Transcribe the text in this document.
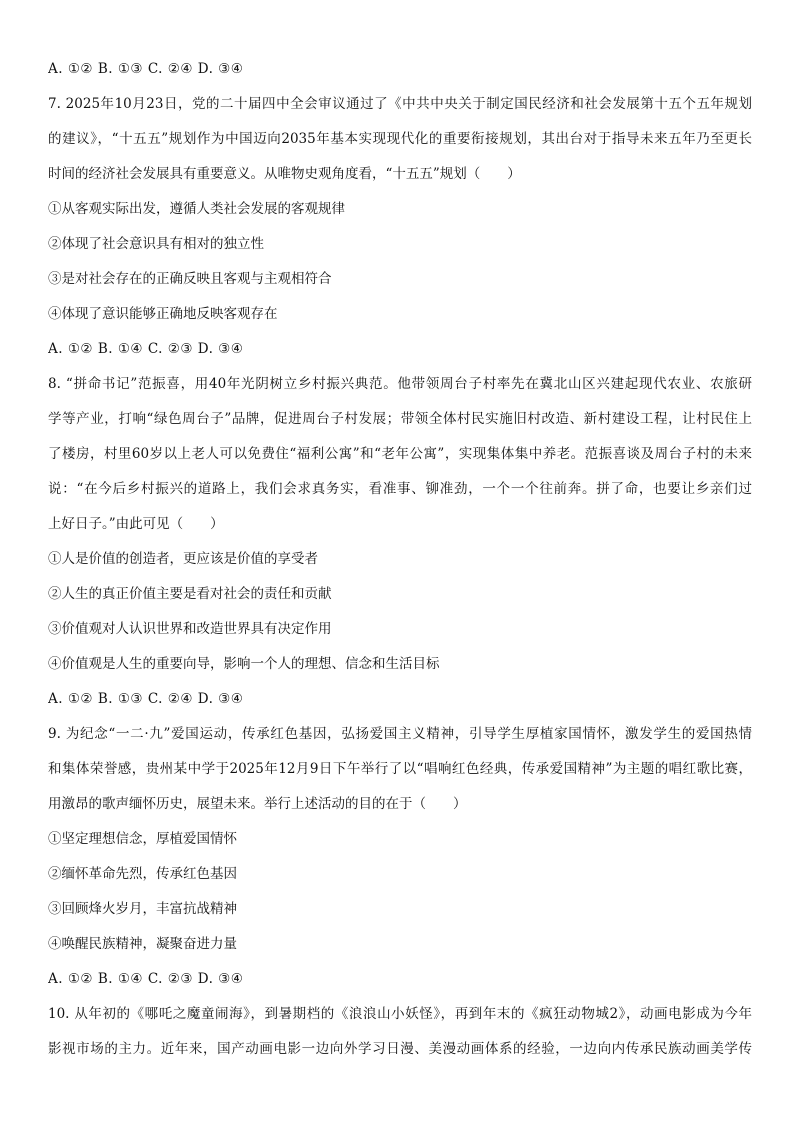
A. ①② B. ①③ C. ②④ D. ③④
7. 2025年10月23日，党的二十届四中全会审议通过了《中共中央关于制定国民经济和社会发展第十五个五年规划
的建议》，“十五五”规划作为中国迈向2035年基本实现现代化的重要衔接规划，其出台对于指导未来五年乃至更长
时间的经济社会发展具有重要意义。从唯物史观角度看，“十五五”规划（　　）
①从客观实际出发，遵循人类社会发展的客观规律
②体现了社会意识具有相对的独立性
③是对社会存在的正确反映且客观与主观相符合
④体现了意识能够正确地反映客观存在
A. ①② B. ①④ C. ②③ D. ③④
8. “拼命书记”范振喜，用40年光阴树立乡村振兴典范。他带领周台子村率先在冀北山区兴建起现代农业、农旅研
学等产业，打响“绿色周台子”品牌，促进周台子村发展；带领全体村民实施旧村改造、新村建设工程，让村民住上
了楼房，村里60岁以上老人可以免费住“福利公寓”和“老年公寓”，实现集体集中养老。范振喜谈及周台子村的未来
说：“在今后乡村振兴的道路上，我们会求真务实，看准事、铆准劲，一个一个往前奔。拼了命，也要让乡亲们过
上好日子。”由此可见（　　）
①人是价值的创造者，更应该是价值的享受者
②人生的真正价值主要是看对社会的责任和贡献
③价值观对人认识世界和改造世界具有决定作用
④价值观是人生的重要向导，影响一个人的理想、信念和生活目标
A. ①② B. ①③ C. ②④ D. ③④
9. 为纪念“一二·九”爱国运动，传承红色基因，弘扬爱国主义精神，引导学生厚植家国情怀，激发学生的爱国热情
和集体荣誉感，贵州某中学于2025年12月9日下午举行了以“唱响红色经典，传承爱国精神”为主题的唱红歌比赛，
用激昂的歌声缅怀历史，展望未来。举行上述活动的目的在于（　　）
①坚定理想信念，厚植爱国情怀
②缅怀革命先烈，传承红色基因
③回顾烽火岁月，丰富抗战精神
④唤醒民族精神，凝聚奋进力量
A. ①② B. ①④ C. ②③ D. ③④
10. 从年初的《哪吒之魔童闹海》，到暑期档的《浪浪山小妖怪》，再到年末的《疯狂动物城2》，动画电影成为今年
影视市场的主力。近年来，国产动画电影一边向外学习日漫、美漫动画体系的经验，一边向内传承民族动画美学传
